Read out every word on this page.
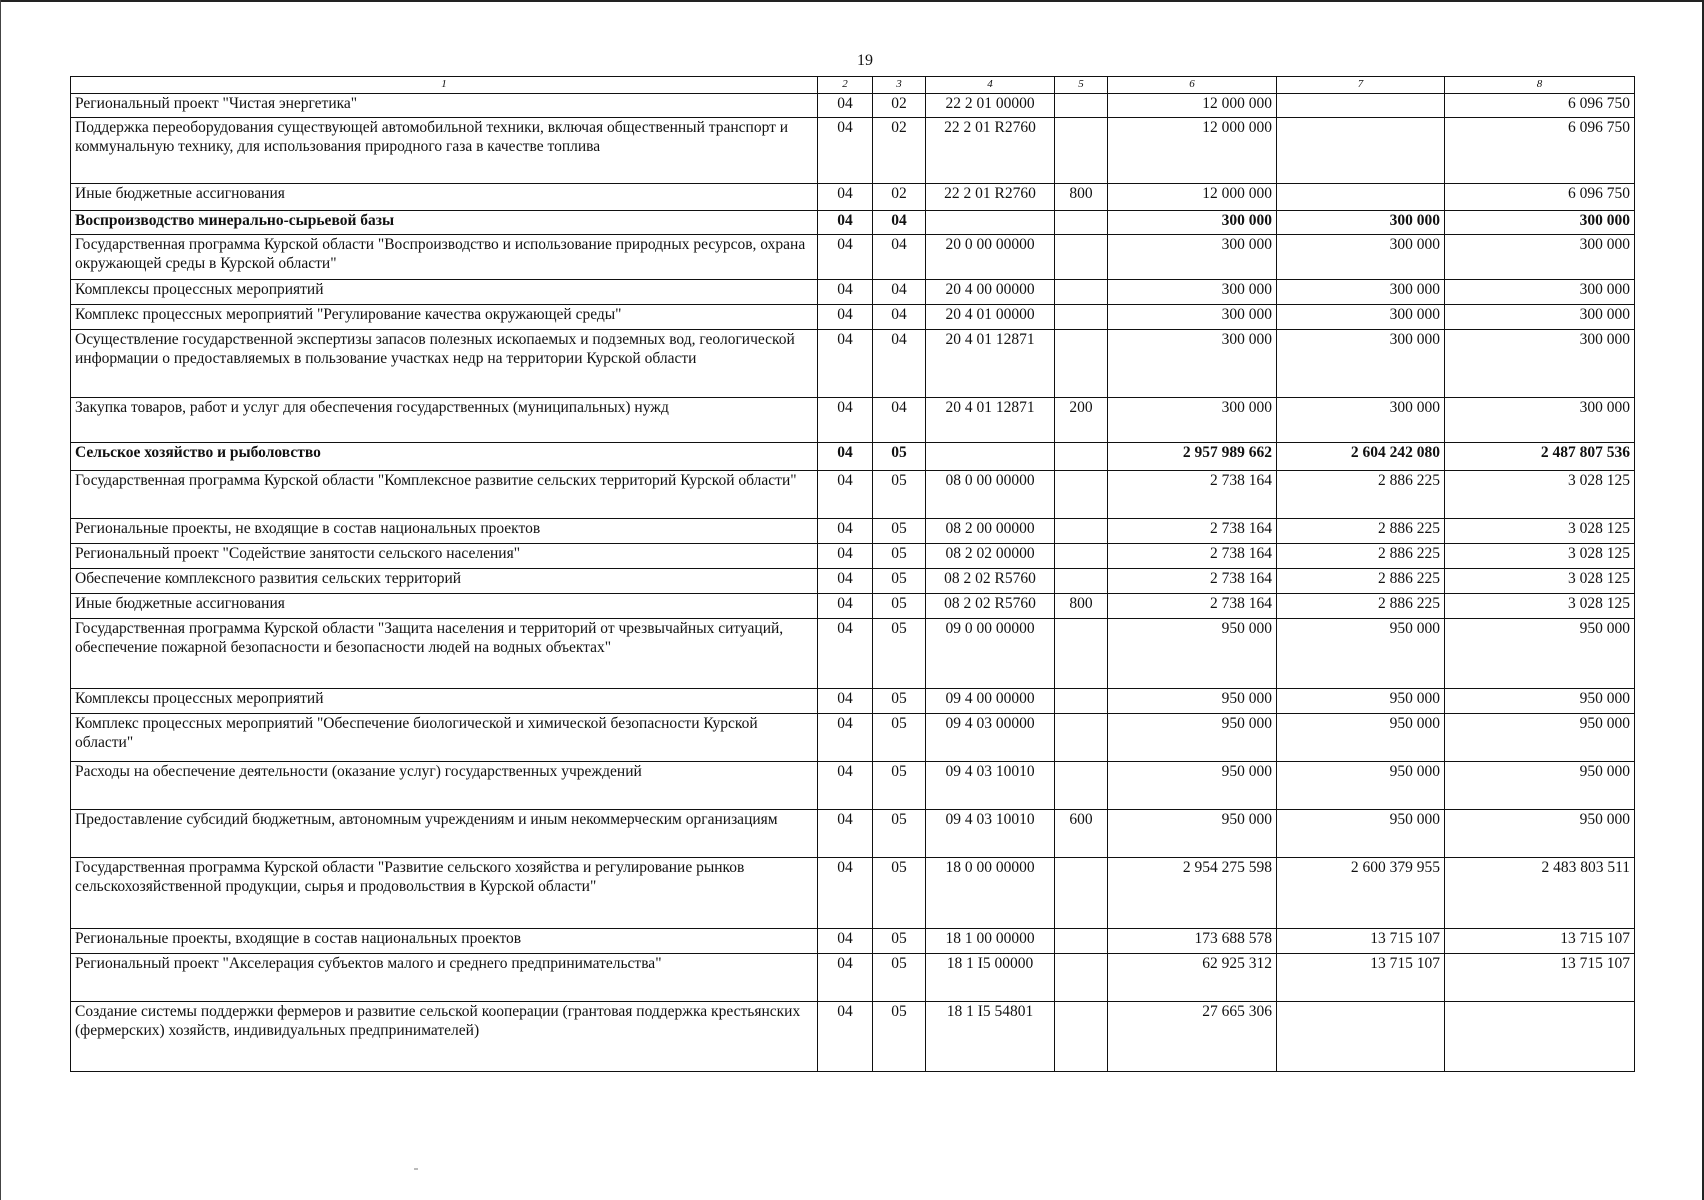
19
1	2	3	4	5	6	7	8
Региональный проект "Чистая энергетика"	04	02	22 2 01 00000		12 000 000		6 096 750
Поддержка переоборудования существующей автомобильной техники, включая общественный транспорт и коммунальную технику, для использования природного газа в качестве топлива	04	02	22 2 01 R2760		12 000 000		6 096 750
Иные бюджетные ассигнования	04	02	22 2 01 R2760	800	12 000 000		6 096 750
Воспроизводство минерально-сырьевой базы	04	04			300 000	300 000	300 000
Государственная программа Курской области "Воспроизводство и использование природных ресурсов, охрана окружающей среды в Курской области"	04	04	20 0 00 00000		300 000	300 000	300 000
Комплексы процессных мероприятий	04	04	20 4 00 00000		300 000	300 000	300 000
Комплекс процессных мероприятий "Регулирование качества окружающей среды"	04	04	20 4 01 00000		300 000	300 000	300 000
Осуществление государственной экспертизы запасов полезных ископаемых и подземных вод, геологической информации о предоставляемых в пользование участках недр на территории Курской области	04	04	20 4 01 12871		300 000	300 000	300 000
Закупка товаров, работ и услуг для обеспечения государственных (муниципальных) нужд	04	04	20 4 01 12871	200	300 000	300 000	300 000
Сельское хозяйство и рыболовство	04	05			2 957 989 662	2 604 242 080	2 487 807 536
Государственная программа Курской области "Комплексное развитие сельских территорий Курской области"	04	05	08 0 00 00000		2 738 164	2 886 225	3 028 125
Региональные проекты, не входящие в состав национальных проектов	04	05	08 2 00 00000		2 738 164	2 886 225	3 028 125
Региональный проект "Содействие занятости сельского населения"	04	05	08 2 02 00000		2 738 164	2 886 225	3 028 125
Обеспечение комплексного развития сельских территорий	04	05	08 2 02 R5760		2 738 164	2 886 225	3 028 125
Иные бюджетные ассигнования	04	05	08 2 02 R5760	800	2 738 164	2 886 225	3 028 125
Государственная программа Курской области "Защита населения и территорий от чрезвычайных ситуаций, обеспечение пожарной безопасности и безопасности людей на водных объектах"	04	05	09 0 00 00000		950 000	950 000	950 000
Комплексы процессных мероприятий	04	05	09 4 00 00000		950 000	950 000	950 000
Комплекс процессных мероприятий "Обеспечение биологической и химической безопасности Курской области"	04	05	09 4 03 00000		950 000	950 000	950 000
Расходы на обеспечение деятельности (оказание услуг) государственных учреждений	04	05	09 4 03 10010		950 000	950 000	950 000
Предоставление субсидий бюджетным, автономным учреждениям и иным некоммерческим организациям	04	05	09 4 03 10010	600	950 000	950 000	950 000
Государственная программа Курской области "Развитие сельского хозяйства и регулирование рынков сельскохозяйственной продукции, сырья и продовольствия в Курской области"	04	05	18 0 00 00000		2 954 275 598	2 600 379 955	2 483 803 511
Региональные проекты, входящие в состав национальных проектов	04	05	18 1 00 00000		173 688 578	13 715 107	13 715 107
Региональный проект "Акселерация субъектов малого и среднего предпринимательства"	04	05	18 1 I5 00000		62 925 312	13 715 107	13 715 107
Создание системы поддержки фермеров и развитие сельской кооперации (грантовая поддержка крестьянских (фермерских) хозяйств, индивидуальных предпринимателей)	04	05	18 1 I5 54801		27 665 306		
